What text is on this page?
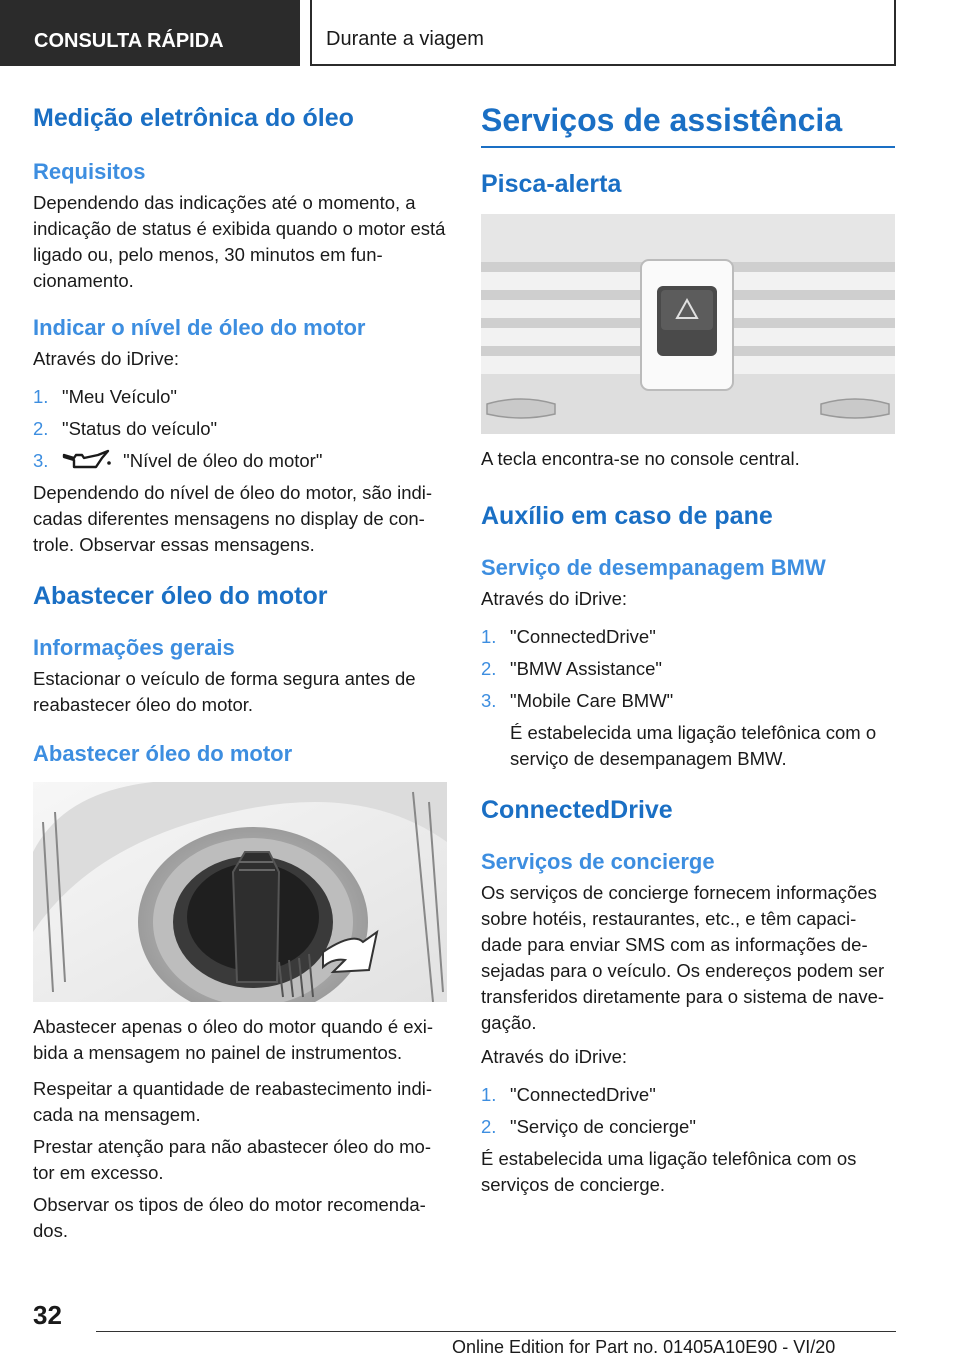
CONSULTA RÁPIDA	Durante a viagem
Medição eletrônica do óleo
Requisitos
Dependendo das indicações até o momento, a indicação de status é exibida quando o motor está ligado ou, pelo menos, 30 minutos em fun-cionamento.
Indicar o nível de óleo do motor
Através do iDrive:
1. "Meu Veículo"
2. "Status do veículo"
3.	"Nível de óleo do motor"
Dependendo do nível de óleo do motor, são indi-cadas diferentes mensagens no display de con-trole. Observar essas mensagens.
Abastecer óleo do motor
Informações gerais
Estacionar o veículo de forma segura antes de reabastecer óleo do motor.
Abastecer óleo do motor
Abastecer apenas o óleo do motor quando é exi-bida a mensagem no painel de instrumentos.
Respeitar a quantidade de reabastecimento indi-cada na mensagem.
Prestar atenção para não abastecer óleo do mo-tor em excesso.
Observar os tipos de óleo do motor recomenda-dos.
Serviços de assistência
Pisca-alerta
A tecla encontra-se no console central.
Auxílio em caso de pane
Serviço de desempanagem BMW
Através do iDrive:
1. "ConnectedDrive"
2. "BMW Assistance"
3. "Mobile Care BMW"
É estabelecida uma ligação telefônica com o serviço de desempanagem BMW.
ConnectedDrive
Serviços de concierge
Os serviços de concierge fornecem informações sobre hotéis, restaurantes, etc., e têm capaci-dade para enviar SMS com as informações de-sejadas para o veículo. Os endereços podem ser transferidos diretamente para o sistema de nave-gação.
Através do iDrive:
1. "ConnectedDrive"
2. "Serviço de concierge"
É estabelecida uma ligação telefônica com os serviços de concierge.
32
Online Edition for Part no. 01405A10E90 - VI/20
